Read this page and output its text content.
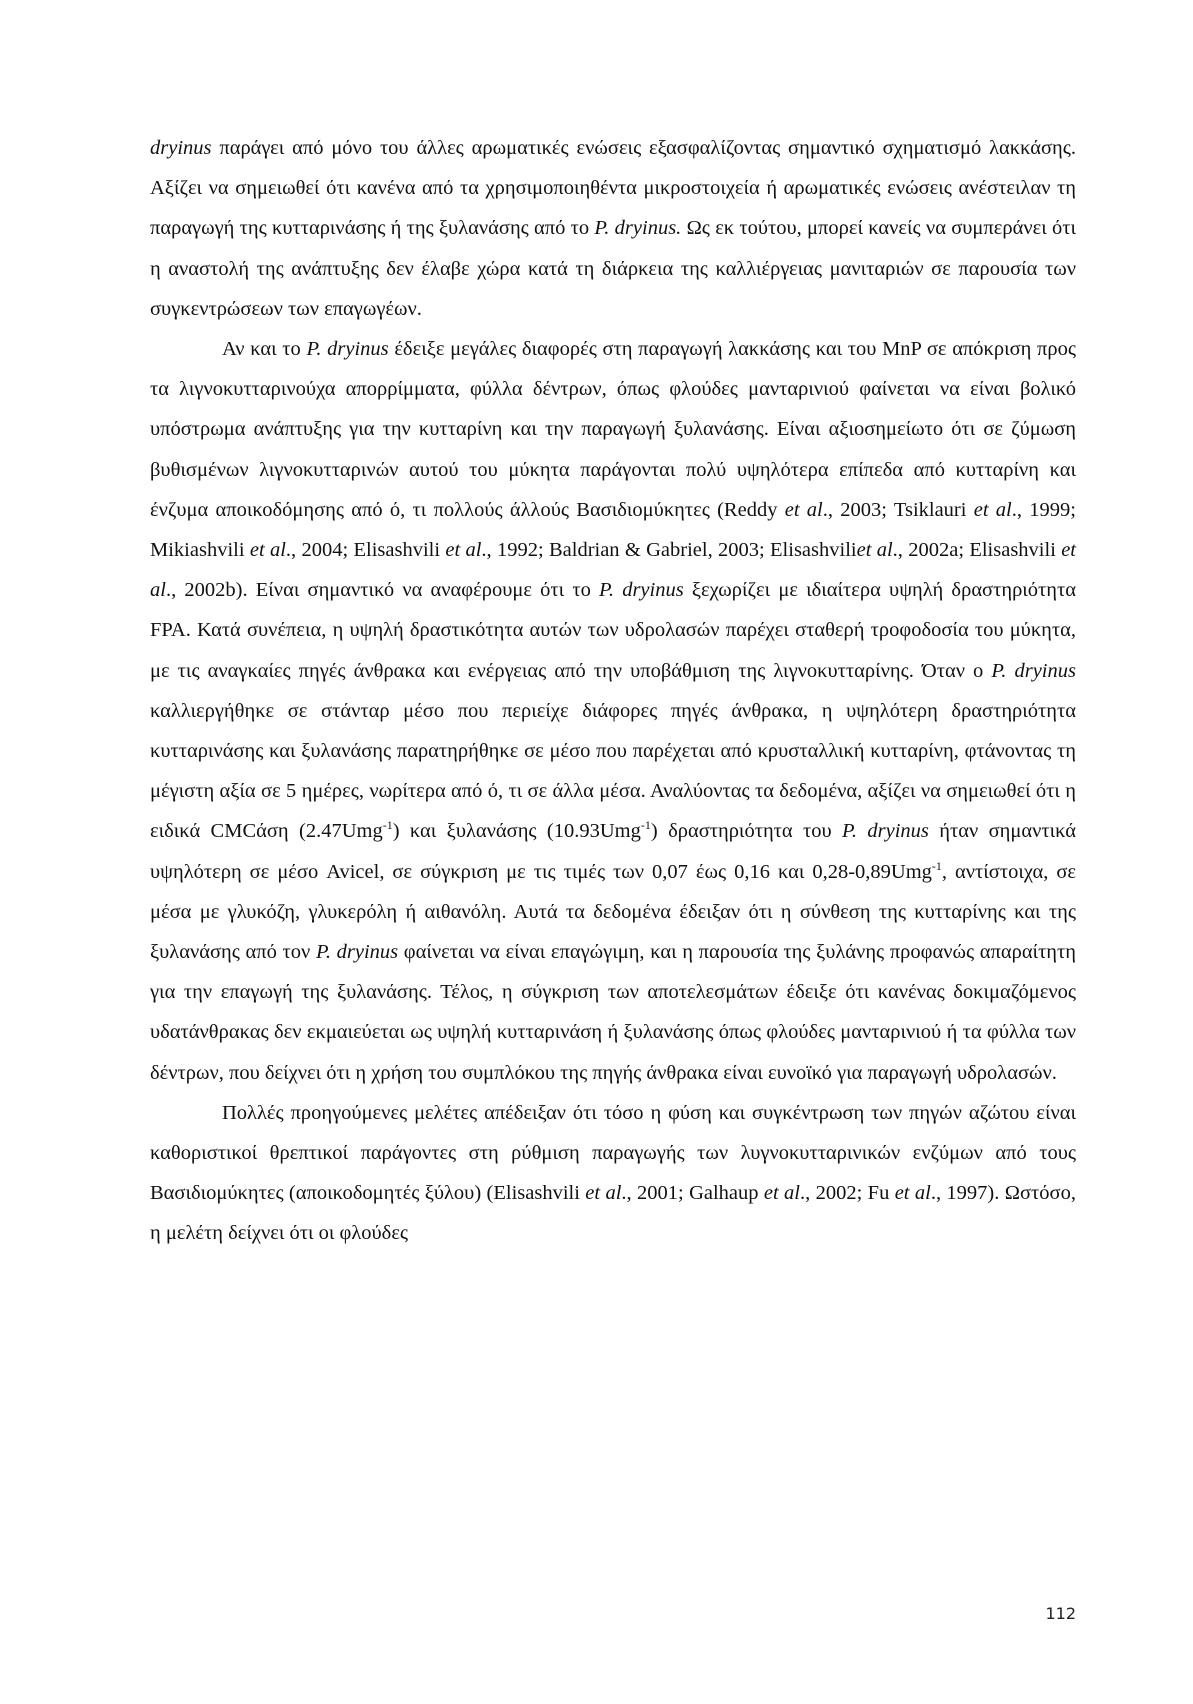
dryinus παράγει από μόνο του άλλες αρωματικές ενώσεις εξασφαλίζοντας σημαντικό σχηματισμό λακκάσης. Αξίζει να σημειωθεί ότι κανένα από τα χρησιμοποιηθέντα μικροστοιχεία ή αρωματικές ενώσεις ανέστειλαν τη παραγωγή της κυτταρινάσης ή της ξυλανάσης από το P. dryinus. Ως εκ τούτου, μπορεί κανείς να συμπεράνει ότι η αναστολή της ανάπτυξης δεν έλαβε χώρα κατά τη διάρκεια της καλλιέργειας μανιταριών σε παρουσία των συγκεντρώσεων των επαγωγέων.

Αν και το P. dryinus έδειξε μεγάλες διαφορές στη παραγωγή λακκάσης και του MnP σε απόκριση προς τα λιγνοκυτταρινούχα απορρίμματα, φύλλα δέντρων, όπως φλούδες μανταρινιού φαίνεται να είναι βολικό υπόστρωμα ανάπτυξης για την κυτταρίνη και την παραγωγή ξυλανάσης. Είναι αξιοσημείωτο ότι σε ζύμωση βυθισμένων λιγνοκυτταρινών αυτού του μύκητα παράγονται πολύ υψηλότερα επίπεδα από κυτταρίνη και ένζυμα αποικοδόμησης από ό, τι πολλούς άλλούς Βασιδιομύκητες (Reddy et al., 2003; Tsiklauri et al., 1999; Mikiashvili et al., 2004; Elisashvili et al., 1992; Baldrian & Gabriel, 2003; Elisashviliet al., 2002a; Elisashvili et al., 2002b). Είναι σημαντικό να αναφέρουμε ότι το P. dryinus ξεχωρίζει με ιδιαίτερα υψηλή δραστηριότητα FPA. Κατά συνέπεια, η υψηλή δραστικότητα αυτών των υδρολασών παρέχει σταθερή τροφοδοσία του μύκητα, με τις αναγκαίες πηγές άνθρακα και ενέργειας από την υποβάθμιση της λιγνοκυτταρίνης. Όταν ο P. dryinus καλλιεργήθηκε σε στάνταρ μέσο που περιείχε διάφορες πηγές άνθρακα, η υψηλότερη δραστηριότητα κυτταρινάσης και ξυλανάσης παρατηρήθηκε σε μέσο που παρέχεται από κρυσταλλική κυτταρίνη, φτάνοντας τη μέγιστη αξία σε 5 ημέρες, νωρίτερα από ό, τι σε άλλα μέσα. Αναλύοντας τα δεδομένα, αξίζει να σημειωθεί ότι η ειδικά CMCάση (2.47Umg$^{-1}$) και ξυλανάσης (10.93Umg$^{-1}$) δραστηριότητα του P. dryinus ήταν σημαντικά υψηλότερη σε μέσο Avicel, σε σύγκριση με τις τιμές των 0,07 έως 0,16 και 0,28-0,89Umg$^{-1}$, αντίστοιχα, σε μέσα με γλυκόζη, γλυκερόλη ή αιθανόλη. Αυτά τα δεδομένα έδειξαν ότι η σύνθεση της κυτταρίνης και της ξυλανάσης από τον P. dryinus φαίνεται να είναι επαγώγιμη, και η παρουσία της ξυλάνης προφανώς απαραίτητη για την επαγωγή της ξυλανάσης. Τέλος, η σύγκριση των αποτελεσμάτων έδειξε ότι κανένας δοκιμαζόμενος υδατάνθρακας δεν εκμαιεύεται ως υψηλή κυτταρινάση ή ξυλανάσης όπως φλούδες μανταρινιού ή τα φύλλα των δέντρων, που δείχνει ότι η χρήση του συμπλόκου της πηγής άνθρακα είναι ευνοϊκό για παραγωγή υδρολασών.

Πολλές προηγούμενες μελέτες απέδειξαν ότι τόσο η φύση και συγκέντρωση των πηγών αζώτου είναι καθοριστικοί θρεπτικοί παράγοντες στη ρύθμιση παραγωγής των λυγνοκυτταρινικών ενζύμων από τους Βασιδιομύκητες (αποικοδομητές ξύλου) (Elisashvili et al., 2001; Galhaup et al., 2002; Fu et al., 1997). Ωστόσο, η μελέτη δείχνει ότι οι φλούδες

112
